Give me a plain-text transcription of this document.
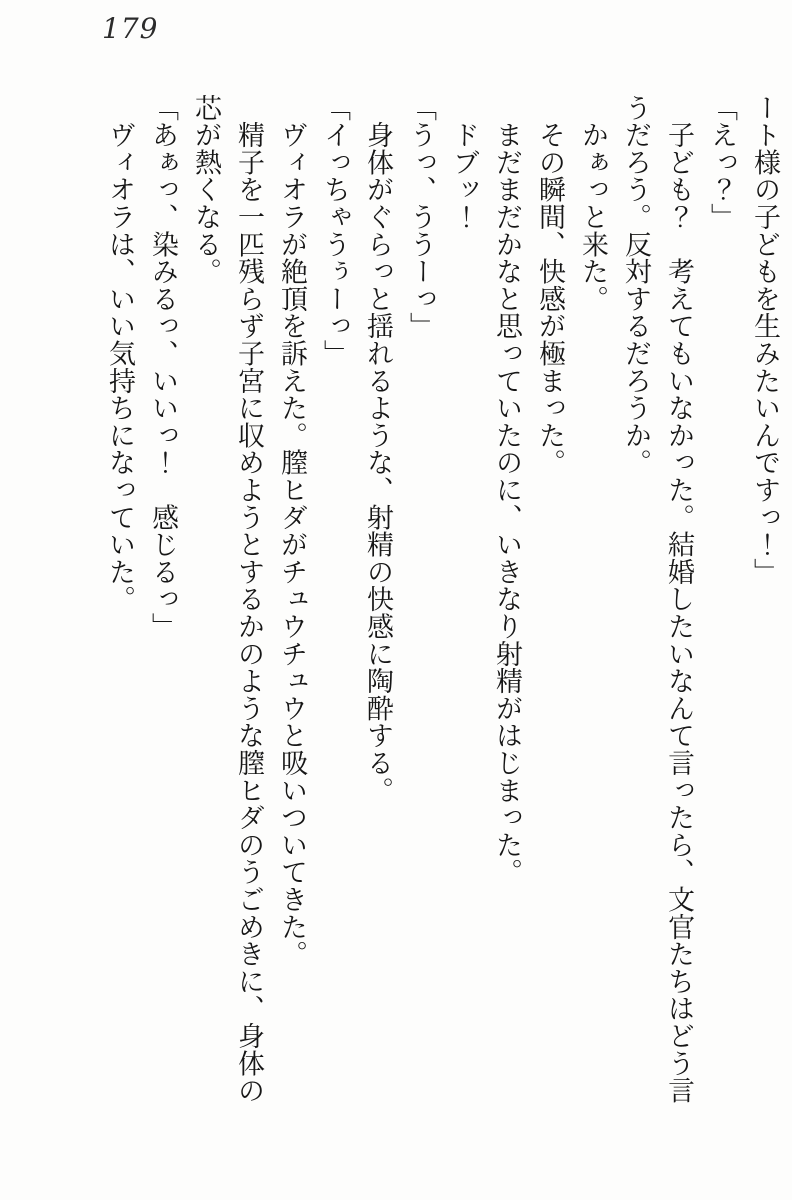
179

ート様の子どもを生みたいんですっ！」

「えっ？」

　子ども？　考えてもいなかった。結婚したいなんて言ったら、文官たちはどう言うだろう。反対するだろうか。

　かぁっと来た。

　その瞬間、快感が極まった。

　まだまだかなと思っていたのに、いきなり射精がはじまった。

　ドブッ！

「うっ、ううーっ」

　身体がぐらっと揺れるような、射精の快感に陶酔する。

「イっちゃうぅーっ」

　ヴィオラが絶頂を訴えた。膣ヒダがチュウチュウと吸いついてきた。

　精子を一匹残らず子宮に収めようとするかのような膣ヒダのうごめきに、身体の芯が熱くなる。

「あぁっ、染みるっ、いいっ！　感じるっ」

　ヴィオラは、いい気持ちになっていた。
